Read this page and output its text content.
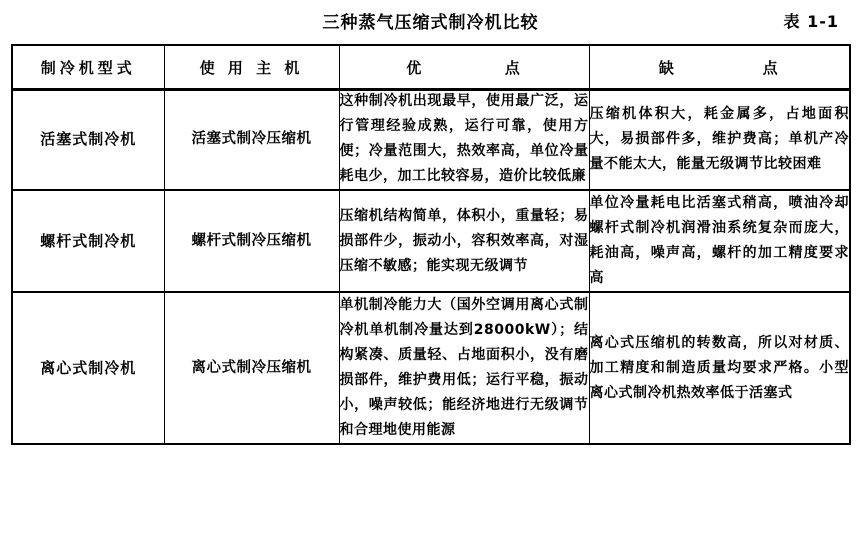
三种蒸气压缩式制冷机比较	表 1-1
制冷机型式	使 用 主 机	优 点	缺 点

活塞式制冷机	活塞式制冷压缩机	这种制冷机出现最早，使用最广泛，运行管理经验成熟，运行可靠，使用方便；冷量范围大，热效率高，单位冷量耗电少，加工比较容易，造价比较低廉	压缩机体积大，耗金属多，占地面积大，易损部件多，维护费高；单机产冷量不能太大，能量无级调节比较困难
螺杆式制冷机	螺杆式制冷压缩机	压缩机结构简单，体积小，重量轻；易损部件少，振动小，容积效率高，对湿压缩不敏感；能实现无级调节	单位冷量耗电比活塞式稍高，喷油冷却螺杆式制冷机润滑油系统复杂而庞大，耗油高，噪声高，螺杆的加工精度要求高
离心式制冷机	离心式制冷压缩机	单机制冷能力大（国外空调用离心式制冷机单机制冷量达到28000kW）；结构紧凑、质量轻、占地面积小，没有磨损部件，维护费用低；运行平稳，振动小，噪声较低；能经济地进行无级调节和合理地使用能源	离心式压缩机的转数高，所以对材质、加工精度和制造质量均要求严格。小型离心式制冷机热效率低于活塞式
